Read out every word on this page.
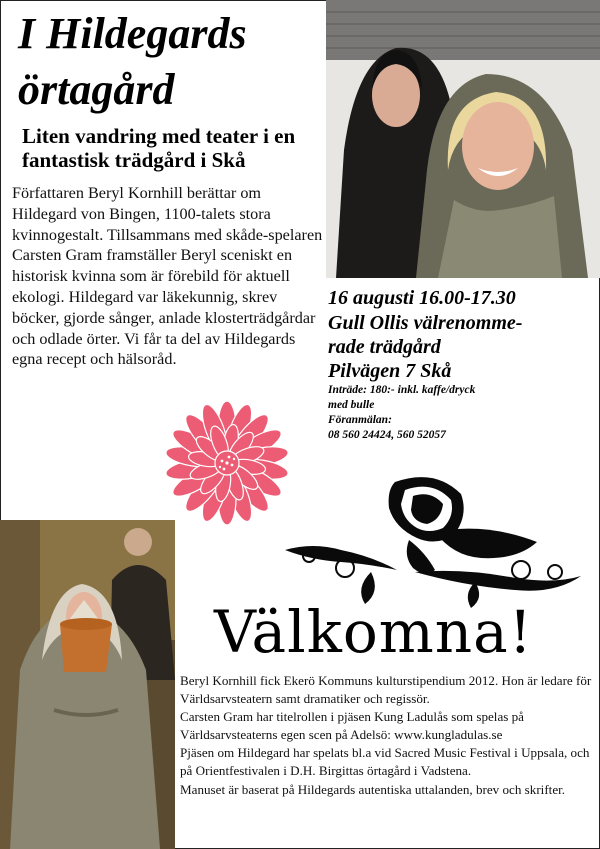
I Hildegards örtagård
Liten vandring med teater i en fantastisk trädgård i Skå
Författaren Beryl Kornhill berättar om Hildegard von Bingen, 1100-talets stora kvinnogestalt. Tillsammans med skåde-spelaren Carsten Gram framställer Beryl sceniskt en historisk kvinna som är förebild för aktuell ekologi. Hildegard var läkekunnig, skrev böcker, gjorde sånger, anlade klosterträdgårdar och odlade örter. Vi får ta del av Hildegards egna recept och hälsoråd.
16 augusti 16.00-17.30
Gull Ollis välrenomme-
rade trädgård
Pilvägen 7 Skå
Inträde: 180:- inkl. kaffe/dryck
med bulle
Föranmälan:
08 560 24424, 560 52057
Välkomna!
Beryl Kornhill fick Ekerö Kommuns kulturstipendium 2012. Hon är ledare för Världsarvsteatern samt dramatiker och regissör.
Carsten Gram har titelrollen i pjäsen Kung Ladulås som spelas på Världsarvsteaterns egen scen på Adelsö: www.kungladulas.se
Pjäsen om Hildegard har spelats bl.a vid Sacred Music Festival i Uppsala, och på Orientfestivalen i D.H. Birgittas örtagård i Vadstena.
Manuset är baserat på Hildegards autentiska uttalanden, brev och skrifter.
